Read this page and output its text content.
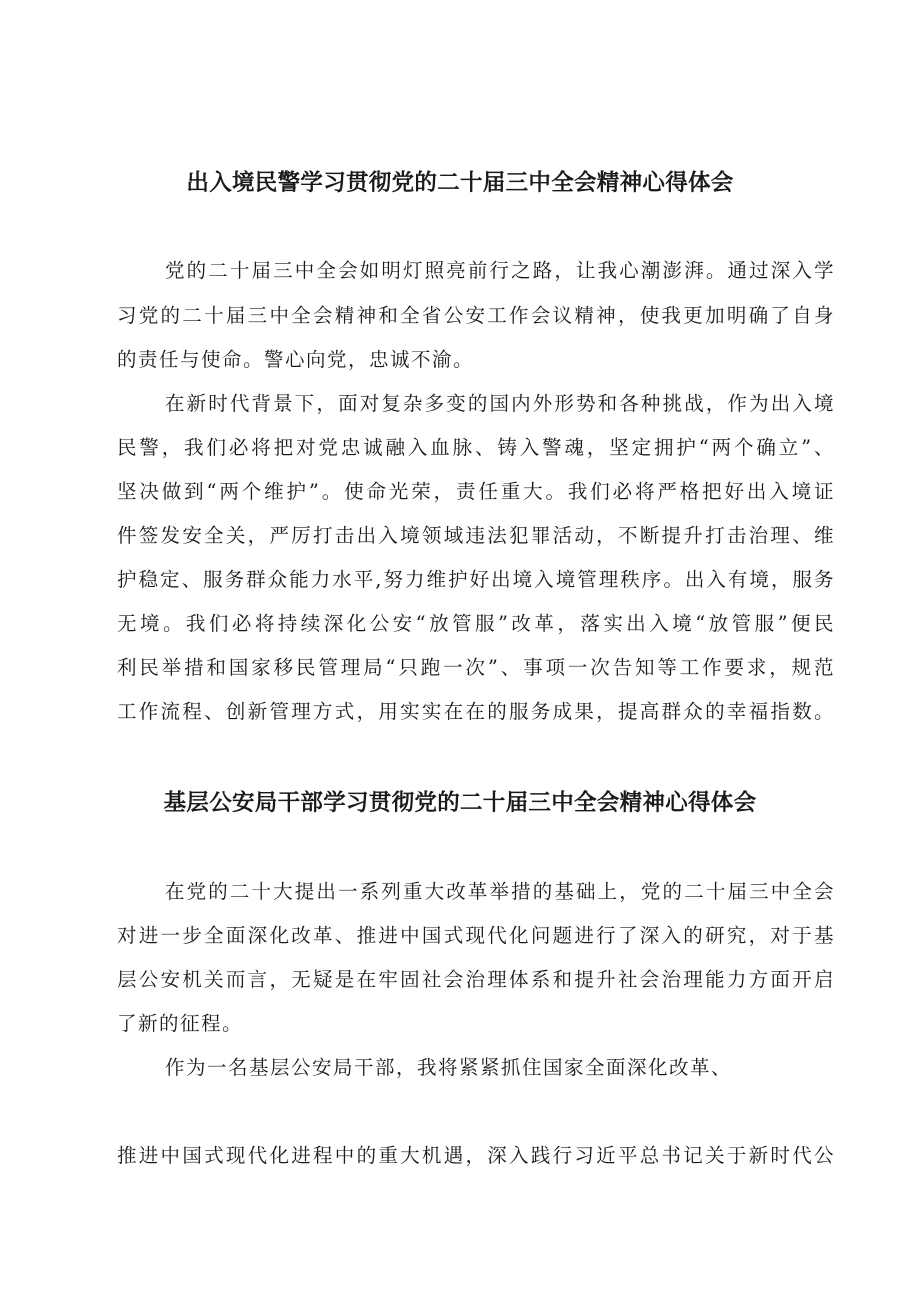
出入境民警学习贯彻党的二十届三中全会精神心得体会
党的二十届三中全会如明灯照亮前行之路，让我心潮澎湃。通过深入学
习党的二十届三中全会精神和全省公安工作会议精神，使我更加明确了自身
的责任与使命。警心向党，忠诚不渝。
在新时代背景下，面对复杂多变的国内外形势和各种挑战，作为出入境
民警，我们必将把对党忠诚融入血脉、铸入警魂，坚定拥护“两个确立”、
坚决做到“两个维护”。使命光荣，责任重大。我们必将严格把好出入境证
件签发安全关，严厉打击出入境领域违法犯罪活动，不断提升打击治理、维
护稳定、服务群众能力水平,努力维护好出境入境管理秩序。出入有境，服务
无境。我们必将持续深化公安“放管服”改革，落实出入境“放管服”便民
利民举措和国家移民管理局“只跑一次”、事项一次告知等工作要求，规范
工作流程、创新管理方式，用实实在在的服务成果，提高群众的幸福指数。
基层公安局干部学习贯彻党的二十届三中全会精神心得体会
在党的二十大提出一系列重大改革举措的基础上，党的二十届三中全会
对进一步全面深化改革、推进中国式现代化问题进行了深入的研究，对于基
层公安机关而言，无疑是在牢固社会治理体系和提升社会治理能力方面开启
了新的征程。
作为一名基层公安局干部，我将紧紧抓住国家全面深化改革、
推进中国式现代化进程中的重大机遇，深入践行习近平总书记关于新时代公
